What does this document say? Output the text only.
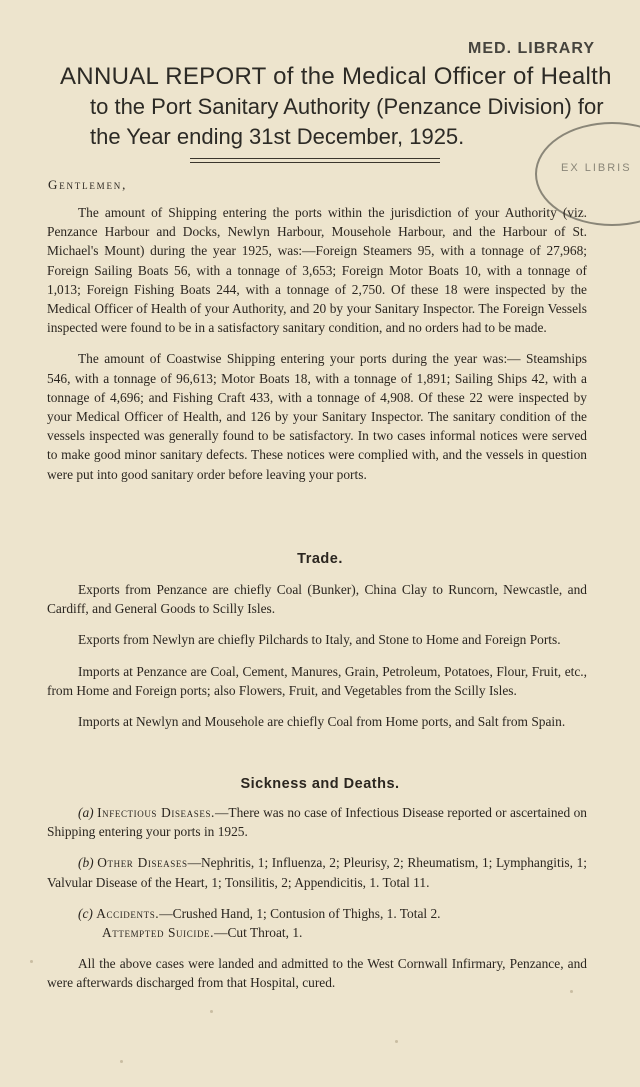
MED. LIBRARY
EX LIBRIS
ANNUAL REPORT of the Medical Officer of Health
to the Port Sanitary Authority (Penzance Division) for
the Year ending 31st December, 1925.
Gentlemen,

The amount of Shipping entering the ports within the jurisdiction of your Authority (viz. Penzance Harbour and Docks, Newlyn Harbour, Mousehole Harbour, and the Harbour of St. Michael's Mount) during the year 1925, was:—Foreign Steamers 95, with a tonnage of 27,968; Foreign Sailing Boats 56, with a tonnage of 3,653; Foreign Motor Boats 10, with a tonnage of 1,013; Foreign Fishing Boats 244, with a tonnage of 2,750. Of these 18 were inspected by the Medical Officer of Health of your Authority, and 20 by your Sanitary Inspector. The Foreign Vessels inspected were found to be in a satisfactory sanitary condition, and no orders had to be made.

The amount of Coastwise Shipping entering your ports during the year was:— Steamships 546, with a tonnage of 96,613; Motor Boats 18, with a tonnage of 1,891; Sailing Ships 42, with a tonnage of 4,696; and Fishing Craft 433, with a tonnage of 4,908. Of these 22 were inspected by your Medical Officer of Health, and 126 by your Sanitary Inspector. The sanitary condition of the vessels inspected was generally found to be satisfactory. In two cases informal notices were served to make good minor sanitary defects. These notices were complied with, and the vessels in question were put into good sanitary order before leaving your ports.

Trade.

Exports from Penzance are chiefly Coal (Bunker), China Clay to Runcorn, Newcastle, and Cardiff, and General Goods to Scilly Isles.

Exports from Newlyn are chiefly Pilchards to Italy, and Stone to Home and Foreign Ports.

Imports at Penzance are Coal, Cement, Manures, Grain, Petroleum, Potatoes, Flour, Fruit, etc., from Home and Foreign ports; also Flowers, Fruit, and Vegetables from the Scilly Isles.

Imports at Newlyn and Mousehole are chiefly Coal from Home ports, and Salt from Spain.

Sickness and Deaths.

(a) Infectious Diseases.—There was no case of Infectious Disease reported or ascertained on Shipping entering your ports in 1925.

(b) Other Diseases—Nephritis, 1; Influenza, 2; Pleurisy, 2; Rheumatism, 1; Lymphangitis, 1; Valvular Disease of the Heart, 1; Tonsilitis, 2; Appendicitis, 1. Total 11.

(c) Accidents.—Crushed Hand, 1; Contusion of Thighs, 1. Total 2.

Attempted Suicide.—Cut Throat, 1.

All the above cases were landed and admitted to the West Cornwall Infirmary, Penzance, and were afterwards discharged from that Hospital, cured.
